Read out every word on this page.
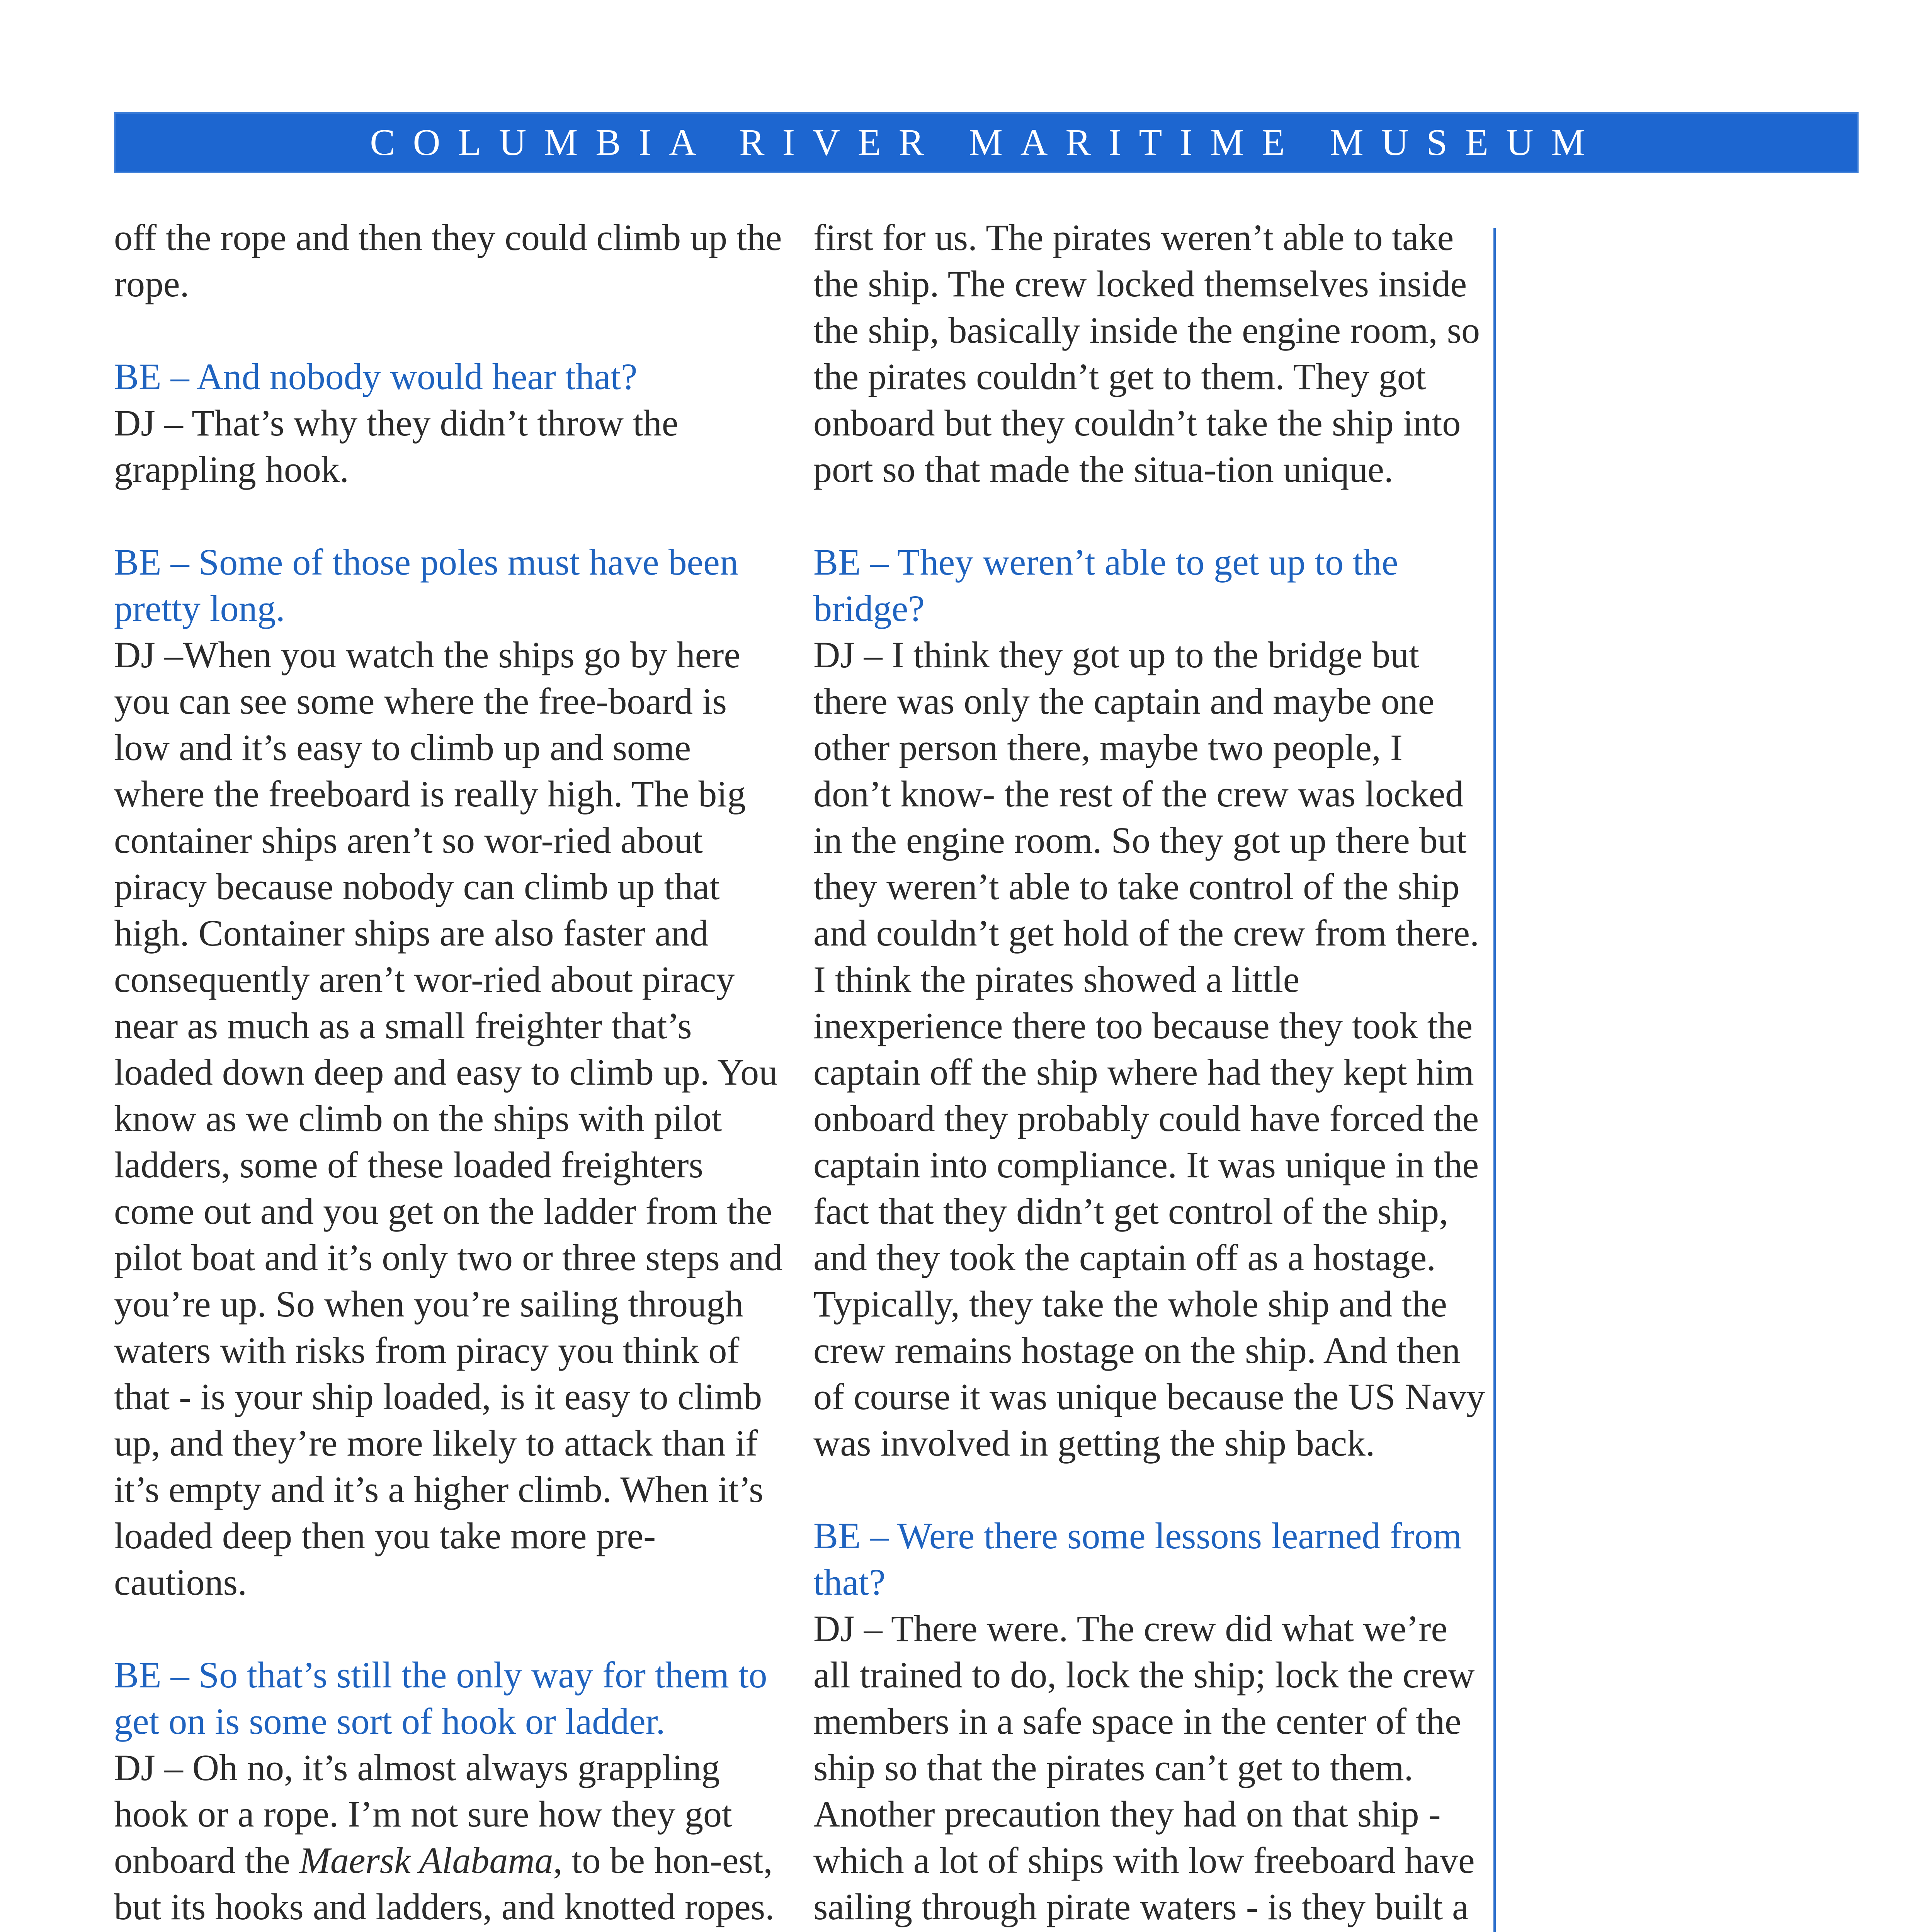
COLUMBIA RIVER MARITIME MUSEUM

off the rope and then they could climb up the rope.

BE – And nobody would hear that?

DJ – That’s why they didn’t throw the grappling hook.

BE – Some of those poles must have been pretty long.

DJ –When you watch the ships go by here you can see some where the free-board is low and it’s easy to climb up and some where the freeboard is really high. The big container ships aren’t so wor-ried about piracy because nobody can climb up that high. Container ships are also faster and consequently aren’t wor-ried about piracy near as much as a small freighter that’s loaded down deep and easy to climb up. You know as we climb on the ships with pilot ladders, some of these loaded freighters come out and you get on the ladder from the pilot boat and it’s only two or three steps and you’re up. So when you’re sailing through waters with risks from piracy you think of that - is your ship loaded, is it easy to climb up, and they’re more likely to attack than if it’s empty and it’s a higher climb. When it’s loaded deep then you take more pre-cautions.

BE – So that’s still the only way for them to get on is some sort of hook or ladder.

DJ – Oh no, it’s almost always grappling hook or a rope. I’m not sure how they got onboard the Maersk Alabama, to be hon-est, but its hooks and ladders, and knotted ropes.

first for us. The pirates weren’t able to take the ship. The crew locked themselves inside the ship, basically inside the engine room, so the pirates couldn’t get to them. They got onboard but they couldn’t take the ship into port so that made the situa-tion unique.

BE – They weren’t able to get up to the bridge?

DJ – I think they got up to the bridge but there was only the captain and maybe one other person there, maybe two people, I don’t know- the rest of the crew was locked in the engine room. So they got up there but they weren’t able to take control of the ship and couldn’t get hold of the crew from there. I think the pirates showed a little inexperience there too because they took the captain off the ship where had they kept him onboard they probably could have forced the captain into compliance. It was unique in the fact that they didn’t get control of the ship, and they took the captain off as a hostage. Typically, they take the whole ship and the crew remains hostage on the ship. And then of course it was unique because the US Navy was involved in getting the ship back.

BE – Were there some lessons learned from that?

DJ – There were. The crew did what we’re all trained to do, lock the ship; lock the crew members in a safe space in the center of the ship so that the pirates can’t get to them. Another precaution they had on that ship - which a lot of ships with low freeboard have sailing through pirate waters - is they built a
